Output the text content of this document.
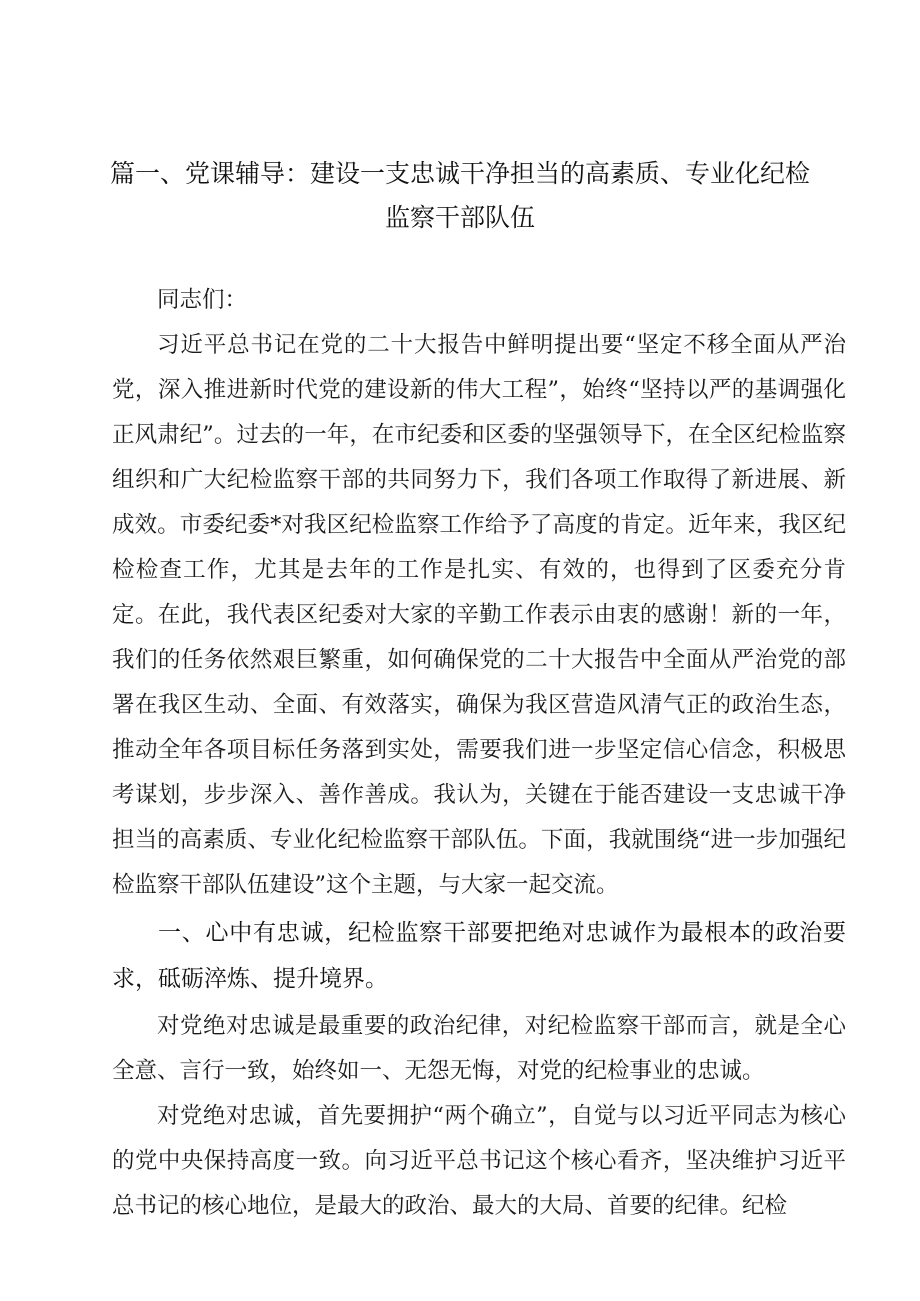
篇一、党课辅导：建设一支忠诚干净担当的高素质、专业化纪检监察干部队伍

同志们：

习近平总书记在党的二十大报告中鲜明提出要“坚定不移全面从严治党，深入推进新时代党的建设新的伟大工程”，始终“坚持以严的基调强化正风肃纪”。过去的一年，在市纪委和区委的坚强领导下，在全区纪检监察组织和广大纪检监察干部的共同努力下，我们各项工作取得了新进展、新成效。市委纪委*对我区纪检监察工作给予了高度的肯定。近年来，我区纪检检查工作，尤其是去年的工作是扎实、有效的，也得到了区委充分肯定。在此，我代表区纪委对大家的辛勤工作表示由衷的感谢！新的一年，我们的任务依然艰巨繁重，如何确保党的二十大报告中全面从严治党的部署在我区生动、全面、有效落实，确保为我区营造风清气正的政治生态，推动全年各项目标任务落到实处，需要我们进一步坚定信心信念，积极思考谋划，步步深入、善作善成。我认为，关键在于能否建设一支忠诚干净担当的高素质、专业化纪检监察干部队伍。下面，我就围绕“进一步加强纪检监察干部队伍建设”这个主题，与大家一起交流。

一、心中有忠诚，纪检监察干部要把绝对忠诚作为最根本的政治要求，砥砺淬炼、提升境界。

对党绝对忠诚是最重要的政治纪律，对纪检监察干部而言，就是全心全意、言行一致，始终如一、无怨无悔，对党的纪检事业的忠诚。

对党绝对忠诚，首先要拥护“两个确立”，自觉与以习近平同志为核心的党中央保持高度一致。向习近平总书记这个核心看齐，坚决维护习近平总书记的核心地位，是最大的政治、最大的大局、首要的纪律。纪检
